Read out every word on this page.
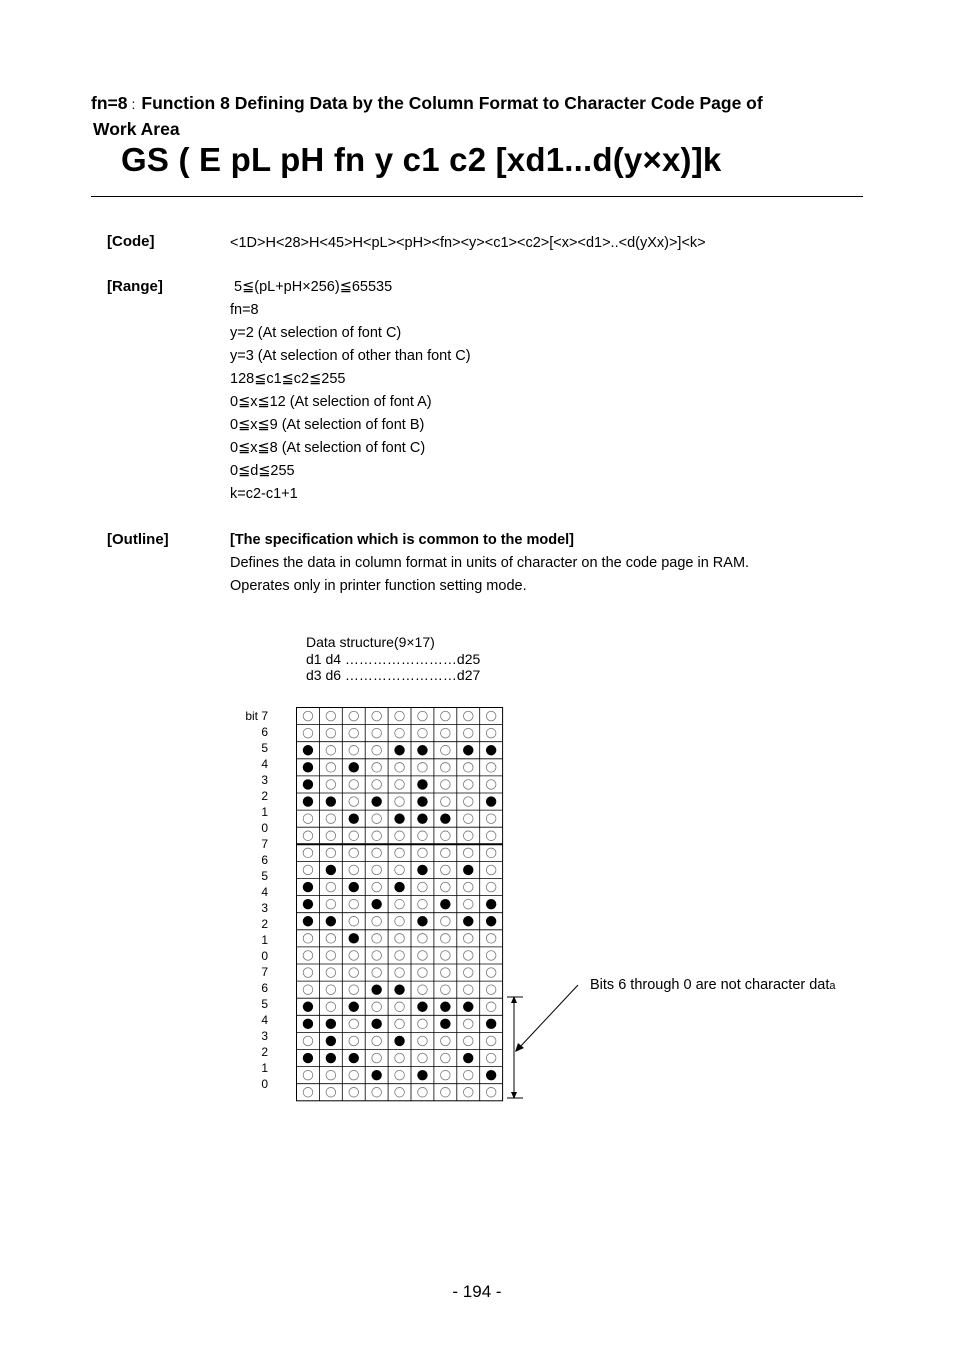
fn=8 : Function 8 Defining Data by the Column Format to Character Code Page of
Work Area
GS ( E pL pH fn y c1 c2 [xd1...d(y×x)]k
[Code]	<1D>H<28>H<45>H<pL><pH><fn><y><c1><c2>[<x><d1>..<d(yXx)>]<k>
[Range]	5≦(pL+pH×256)≦65535
fn=8
y=2 (At selection of font C)
y=3 (At selection of other than font C)
128≦c1≦c2≦255
0≦x≦12 (At selection of font A)
0≦x≦9 (At selection of font B)
0≦x≦8 (At selection of font C)
0≦d≦255
k=c2-c1+1
[Outline]	[The specification which is common to the model]
Defines the data in column format in units of character on the code page in RAM.
Operates only in printer function setting mode.
Data structure(9×17)
d1 d4 ……………………d25
d3 d6 ……………………d27
bit 7
6
5
4
3
2
1
0
7
6
5
4
3
2
1
0
7
6
5
4
3
2
1
0
Bits 6 through 0 are not character data
- 194 -
